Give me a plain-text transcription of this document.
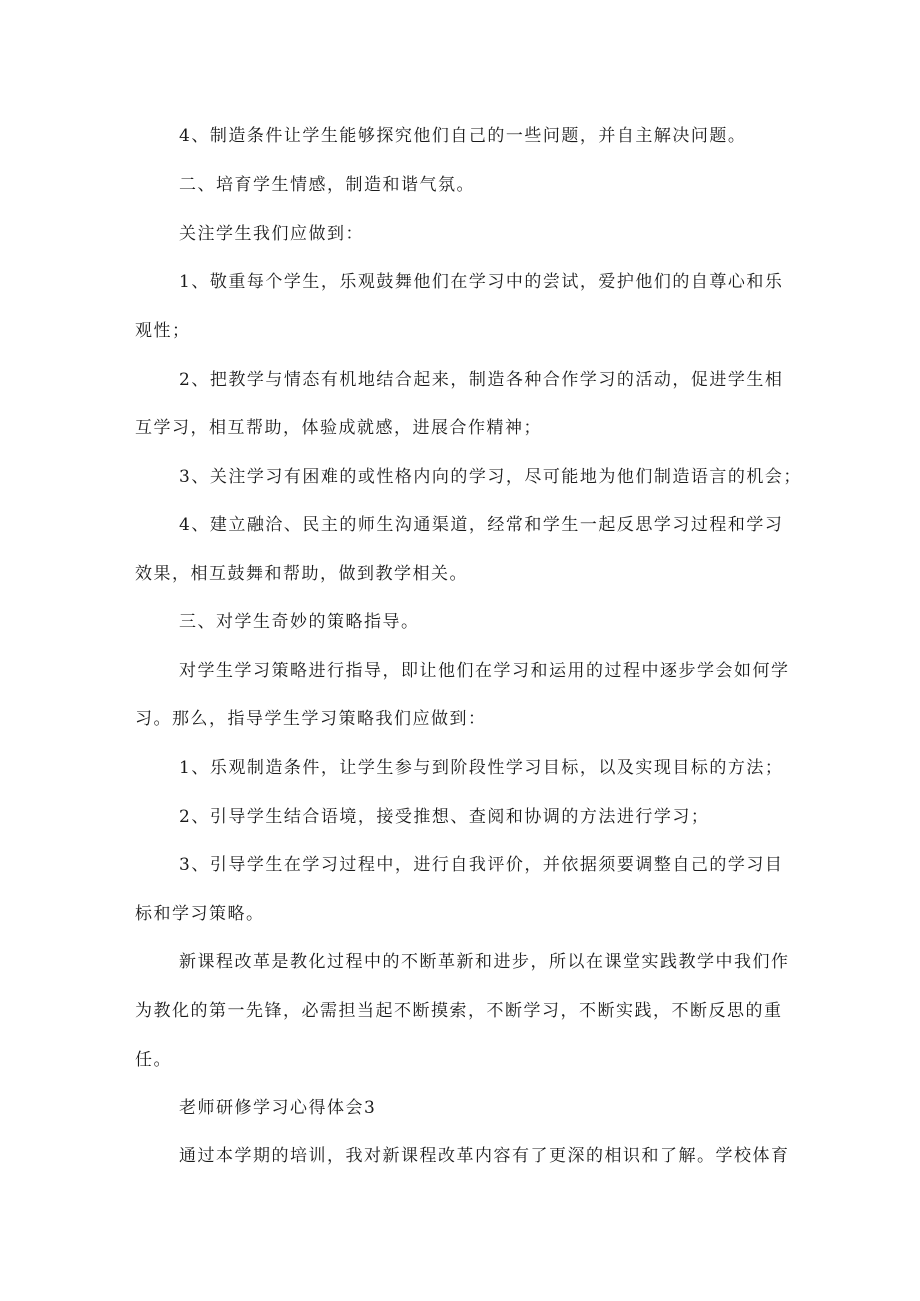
4、制造条件让学生能够探究他们自己的一些问题，并自主解决问题。

二、培育学生情感，制造和谐气氛。

关注学生我们应做到：

1、敬重每个学生，乐观鼓舞他们在学习中的尝试，爱护他们的自尊心和乐

观性；

2、把教学与情态有机地结合起来，制造各种合作学习的活动，促进学生相

互学习，相互帮助，体验成就感，进展合作精神；

3、关注学习有困难的或性格内向的学习，尽可能地为他们制造语言的机会；

4、建立融洽、民主的师生沟通渠道，经常和学生一起反思学习过程和学习

效果，相互鼓舞和帮助，做到教学相关。

三、对学生奇妙的策略指导。

对学生学习策略进行指导，即让他们在学习和运用的过程中逐步学会如何学

习。那么，指导学生学习策略我们应做到：

1、乐观制造条件，让学生参与到阶段性学习目标，以及实现目标的方法；

2、引导学生结合语境，接受推想、查阅和协调的方法进行学习；

3、引导学生在学习过程中，进行自我评价，并依据须要调整自己的学习目

标和学习策略。

新课程改革是教化过程中的不断革新和进步，所以在课堂实践教学中我们作

为教化的第一先锋，必需担当起不断摸索，不断学习，不断实践，不断反思的重

任。

老师研修学习心得体会3

通过本学期的培训，我对新课程改革内容有了更深的相识和了解。学校体育
